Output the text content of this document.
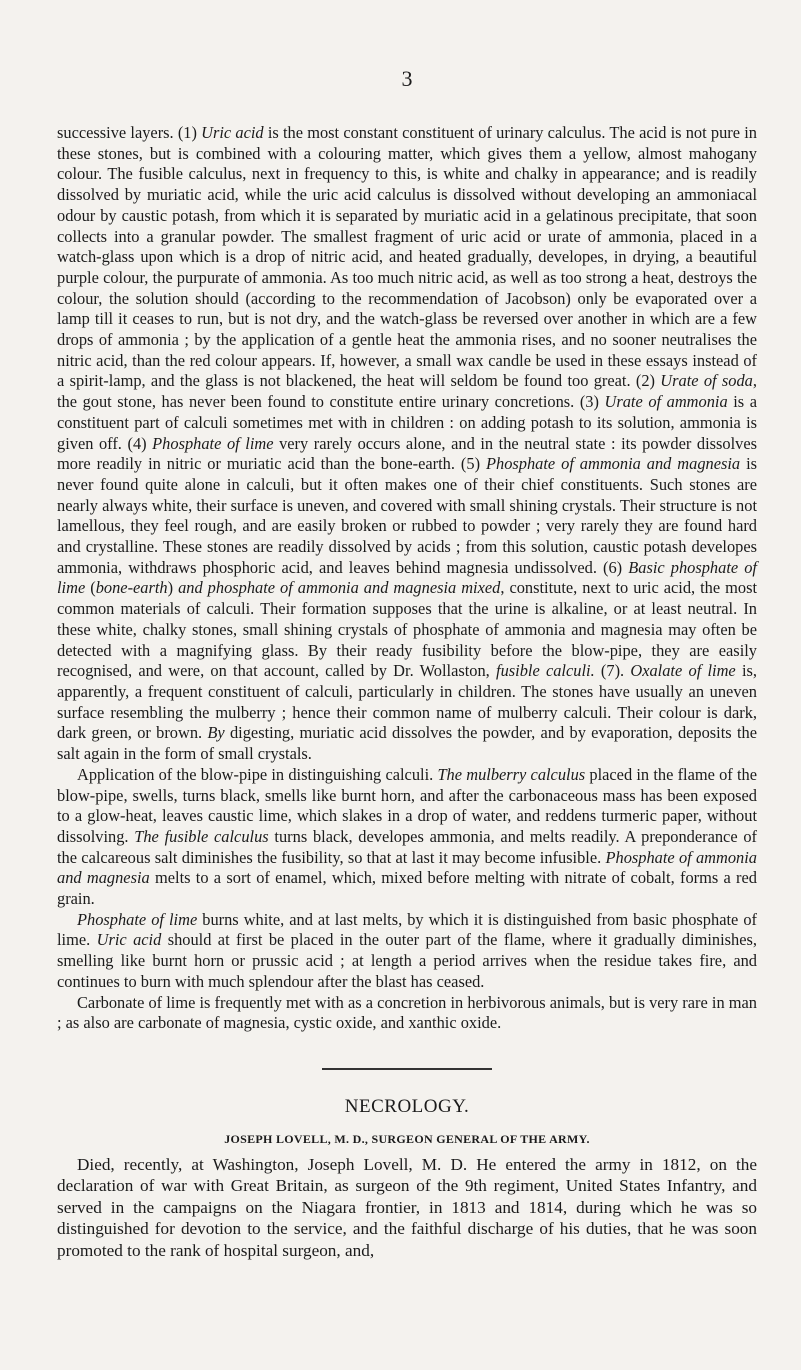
3

successive layers. (1) Uric acid is the most constant constituent of urinary calculus. The acid is not pure in these stones, but is combined with a colouring matter, which gives them a yellow, almost mahogany colour. The fusible calculus, next in frequency to this, is white and chalky in appearance; and is readily dissolved by muriatic acid, while the uric acid calculus is dissolved without developing an ammoniacal odour by caustic potash, from which it is separated by muriatic acid in a gelatinous precipitate, that soon collects into a granular powder. The smallest fragment of uric acid or urate of ammonia, placed in a watch-glass upon which is a drop of nitric acid, and heated gradually, developes, in drying, a beautiful purple colour, the purpurate of ammonia. As too much nitric acid, as well as too strong a heat, destroys the colour, the solution should (according to the recommendation of Jacobson) only be evaporated over a lamp till it ceases to run, but is not dry, and the watch-glass be reversed over another in which are a few drops of ammonia ; by the application of a gentle heat the ammonia rises, and no sooner neutralises the nitric acid, than the red colour appears. If, however, a small wax candle be used in these essays instead of a spirit-lamp, and the glass is not blackened, the heat will seldom be found too great. (2) Urate of soda, the gout stone, has never been found to constitute entire urinary concretions. (3) Urate of ammonia is a constituent part of calculi sometimes met with in children : on adding potash to its solution, ammonia is given off. (4) Phosphate of lime very rarely occurs alone, and in the neutral state : its powder dissolves more readily in nitric or muriatic acid than the bone-earth. (5) Phosphate of ammonia and magnesia is never found quite alone in calculi, but it often makes one of their chief constituents. Such stones are nearly always white, their surface is uneven, and covered with small shining crystals. Their structure is not lamellous, they feel rough, and are easily broken or rubbed to powder ; very rarely they are found hard and crystalline. These stones are readily dissolved by acids ; from this solution, caustic potash developes ammonia, withdraws phosphoric acid, and leaves behind magnesia undissolved. (6) Basic phosphate of lime (bone-earth) and phosphate of ammonia and magnesia mixed, constitute, next to uric acid, the most common materials of calculi. Their formation supposes that the urine is alkaline, or at least neutral. In these white, chalky stones, small shining crystals of phosphate of ammonia and magnesia may often be detected with a magnifying glass. By their ready fusibility before the blow-pipe, they are easily recognised, and were, on that account, called by Dr. Wollaston, fusible calculi. (7). Oxalate of lime is, apparently, a frequent constituent of calculi, particularly in children. The stones have usually an uneven surface resembling the mulberry ; hence their common name of mulberry calculi. Their colour is dark, dark green, or brown. By digesting, muriatic acid dissolves the powder, and by evaporation, deposits the salt again in the form of small crystals.

Application of the blow-pipe in distinguishing calculi. The mulberry calculus placed in the flame of the blow-pipe, swells, turns black, smells like burnt horn, and after the carbonaceous mass has been exposed to a glow-heat, leaves caustic lime, which slakes in a drop of water, and reddens turmeric paper, without dissolving. The fusible calculus turns black, developes ammonia, and melts readily. A preponderance of the calcareous salt diminishes the fusibility, so that at last it may become infusible. Phosphate of ammonia and magnesia melts to a sort of enamel, which, mixed before melting with nitrate of cobalt, forms a red grain.

Phosphate of lime burns white, and at last melts, by which it is distinguished from basic phosphate of lime. Uric acid should at first be placed in the outer part of the flame, where it gradually diminishes, smelling like burnt horn or prussic acid ; at length a period arrives when the residue takes fire, and continues to burn with much splendour after the blast has ceased.

Carbonate of lime is frequently met with as a concretion in herbivorous animals, but is very rare in man ; as also are carbonate of magnesia, cystic oxide, and xanthic oxide.

NECROLOGY.
JOSEPH LOVELL, M. D., SURGEON GENERAL OF THE ARMY.

Died, recently, at Washington, Joseph Lovell, M. D. He entered the army in 1812, on the declaration of war with Great Britain, as surgeon of the 9th regiment, United States Infantry, and served in the campaigns on the Niagara frontier, in 1813 and 1814, during which he was so distinguished for devotion to the service, and the faithful discharge of his duties, that he was soon promoted to the rank of hospital surgeon, and,
